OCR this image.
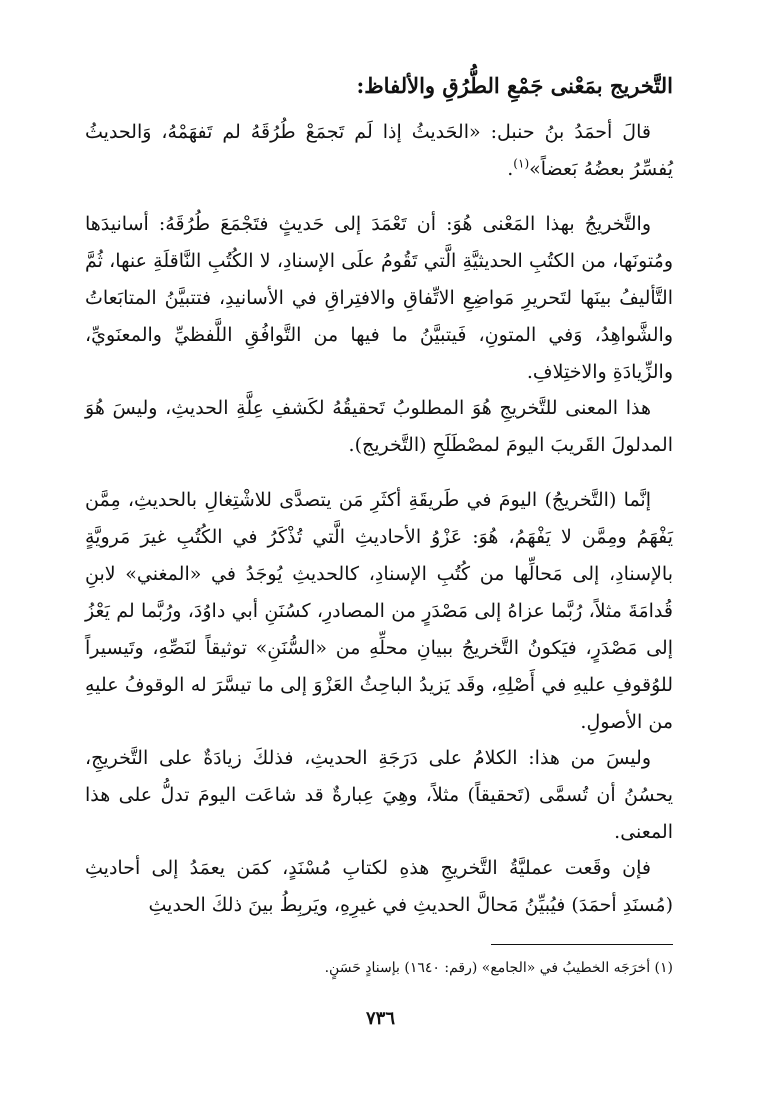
التَّخريج بمَعْنى جَمْعِ الطُّرُقِ والألفاظ:

قالَ أحمَدُ بنُ حنبل: «الحَديثُ إذا لَم تَجمَعْ طُرُقَهُ لم تَفهَمْهُ، وَالحديثُ يُفسِّرُ بعضُهُ بَعضاً»$^{(١)}$.

والتَّخريجُ بهذا المَعْنى هُوَ: أن تَعْمَدَ إلى حَديثٍ فتَجْمَعَ طُرُقَهُ: أسانيدَها ومُتونَها، من الكتُبِ الحديثيَّةِ الَّتي تَقُومُ علَى الإسنادِ، لا الكُتُبِ النَّاقلَةِ عنها، ثُمَّ التَّأليفُ بينَها لتَحريرِ مَواضِعِ الاتِّفاقِ والافتِراقِ في الأسانيدِ، فتتبيَّنُ المتابَعاتُ والشَّواهِدُ، وَفي المتونِ، فَيتبيَّنُ ما فيها من التَّوافُقِ اللَّفظيِّ والمعنَويِّ، والزِّيادَةِ والاختِلافِ.

هذا المعنى للتَّخريجِ هُوَ المطلوبُ تَحقيقُهُ لكَشفِ عِلَّةِ الحديثِ، وليسَ هُوَ المدلولَ القَريبَ اليومَ لمصْطَلَحِ (التَّخريج).

إنَّما (التَّخريجُ) اليومَ في طَريقَةِ أكثَرِ مَن يتصدَّى للاشْتِغالِ بالحديثِ، مِمَّن يَفْهَمُ ومِمَّن لا يَفْهَمُ، هُوَ: عَزْوُ الأحاديثِ الَّتي تُذْكَرُ في الكُتُبِ غيرَ مَرويَّةٍ بالإسنادِ، إلى مَحالِّها من كُتُبِ الإسنادِ، كالحديثِ يُوجَدُ في «المغني» لابنِ قُدامَةَ مثلاً، رُبَّما عزاهُ إلى مَصْدَرٍ من المصادرِ، كسُنَنِ أبي داوُدَ، ورُبَّما لم يَعْزُ إلى مَصْدَرٍ، فيَكونُ التَّخريجُ ببيانِ محلِّهِ من «السُّنَنِ» توثيقاً لنَصِّهِ، وتَيسيراً للوُقوفِ عليهِ في أَصْلِهِ، وقَد يَزيدُ الباحِثُ العَزْوَ إلى ما تيسَّرَ له الوقوفُ عليهِ من الأصولِ.

وليسَ من هذا: الكلامُ على دَرَجَةِ الحديثِ، فذلكَ زيادَةٌ على التَّخريجِ، يحسُنُ أن تُسمَّى (تَحقيقاً) مثلاً، وهِيَ عِبارةٌ قد شاعَت اليومَ تدلُّ على هذا المعنى.

فإن وقَعت عمليَّةُ التَّخريجِ هذهِ لكتابِ مُسْنَدٍ، كمَن يعمَدُ إلى أحاديثِ (مُسنَدِ أحمَدَ) فيُبيِّنُ مَحالَّ الحديثِ في غيرِهِ، ويَربِطُ بينَ ذلكَ الحديثِ

(١) أخرَجَه الخطيبُ في «الجامع» (رقم: ١٦٤٠) بإسنادٍ حَسَنٍ.
٧٣٦
